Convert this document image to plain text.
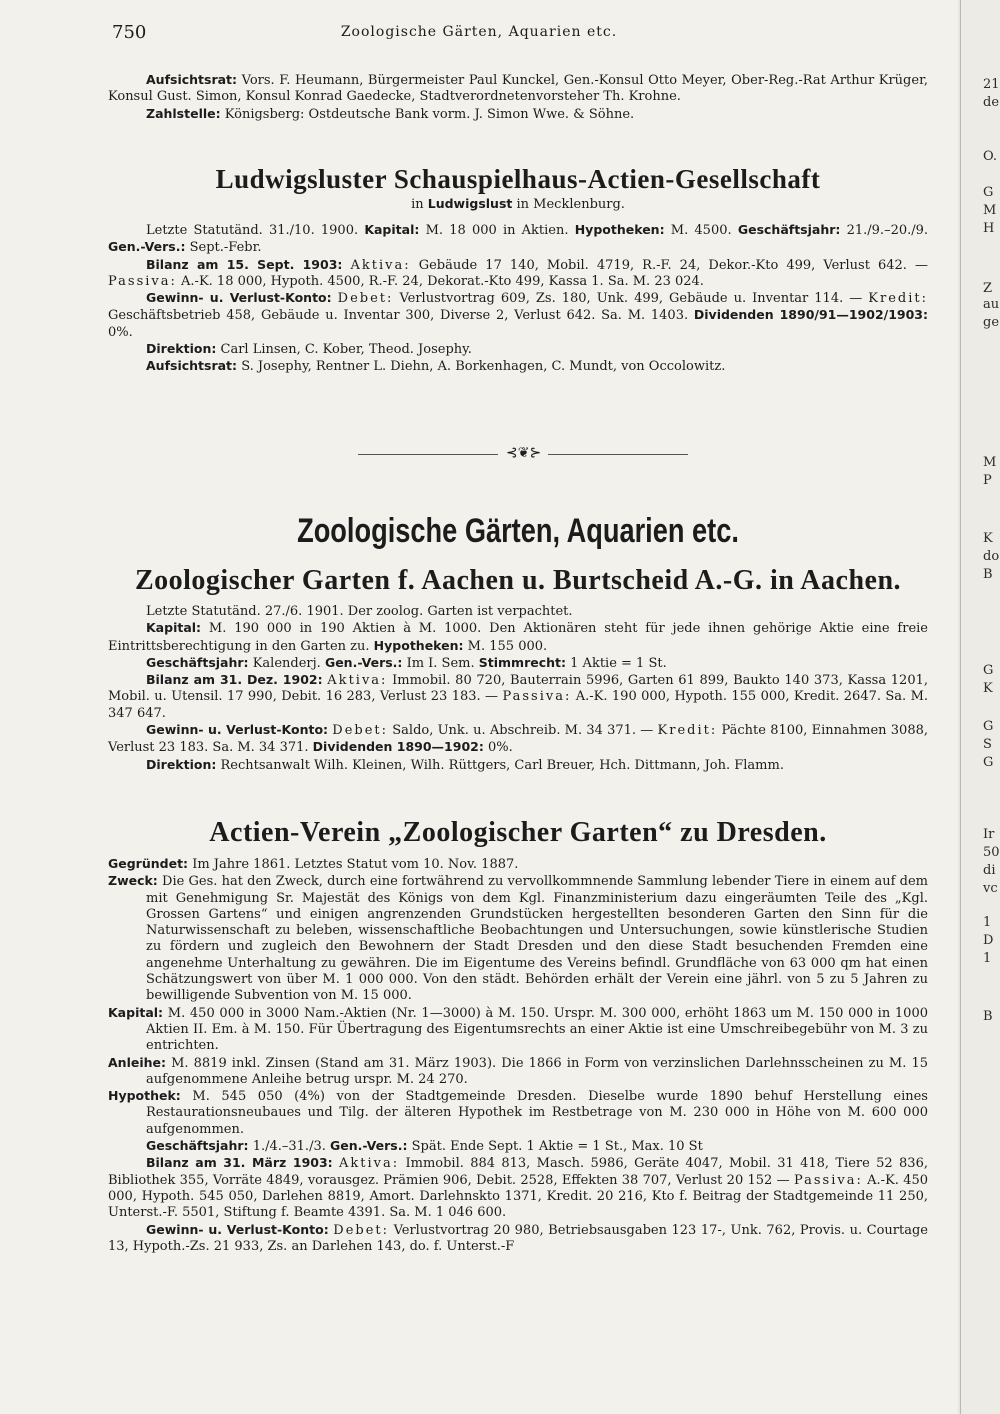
750	Zoologische Gärten, Aquarien etc.

Aufsichtsrat: Vors. F. Heumann, Bürgermeister Paul Kunckel, Gen.-Konsul Otto Meyer, Ober-Reg.-Rat Arthur Krüger, Konsul Gust. Simon, Konsul Konrad Gaedecke, Stadtverordnetenvorsteher Th. Krohne.

Zahlstelle: Königsberg: Ostdeutsche Bank vorm. J. Simon Wwe. & Söhne.

Ludwigsluster Schauspielhaus-Actien-Gesellschaft
in Ludwigslust in Mecklenburg.

Letzte Statutänd. 31./10. 1900. Kapital: M. 18 000 in Aktien. Hypotheken: M. 4500. Geschäftsjahr: 21./9.–20./9. Gen.-Vers.: Sept.-Febr.

Bilanz am 15. Sept. 1903: Aktiva: Gebäude 17 140, Mobil. 4719, R.-F. 24, Dekor.-Kto 499, Verlust 642. — Passiva: A.-K. 18 000, Hypoth. 4500, R.-F. 24, Dekorat.-Kto 499, Kassa 1. Sa. M. 23 024.

Gewinn- u. Verlust-Konto: Debet: Verlustvortrag 609, Zs. 180, Unk. 499, Gebäude u. Inventar 114. — Kredit: Geschäftsbetrieb 458, Gebäude u. Inventar 300, Diverse 2, Verlust 642. Sa. M. 1403. Dividenden 1890/91—1902/1903: 0%.

Direktion: Carl Linsen, C. Kober, Theod. Josephy.

Aufsichtsrat: S. Josephy, Rentner L. Diehn, A. Borkenhagen, C. Mundt, von Occolowitz.

⊰❦⊱
Zoologische Gärten, Aquarien etc.
Zoologischer Garten f. Aachen u. Burtscheid A.-G. in Aachen.

Letzte Statutänd. 27./6. 1901. Der zoolog. Garten ist verpachtet.

Kapital: M. 190 000 in 190 Aktien à M. 1000. Den Aktionären steht für jede ihnen gehörige Aktie eine freie Eintrittsberechtigung in den Garten zu. Hypotheken: M. 155 000.

Geschäftsjahr: Kalenderj. Gen.-Vers.: Im I. Sem. Stimmrecht: 1 Aktie = 1 St.

Bilanz am 31. Dez. 1902: Aktiva: Immobil. 80 720, Bauterrain 5996, Garten 61 899, Baukto 140 373, Kassa 1201, Mobil. u. Utensil. 17 990, Debit. 16 283, Verlust 23 183. — Passiva: A.-K. 190 000, Hypoth. 155 000, Kredit. 2647. Sa. M. 347 647.

Gewinn- u. Verlust-Konto: Debet: Saldo, Unk. u. Abschreib. M. 34 371. — Kredit: Pächte 8100, Einnahmen 3088, Verlust 23 183. Sa. M. 34 371. Dividenden 1890—1902: 0%.

Direktion: Rechtsanwalt Wilh. Kleinen, Wilh. Rüttgers, Carl Breuer, Hch. Dittmann, Joh. Flamm.

Actien-Verein „Zoologischer Garten“ zu Dresden.

Gegründet: Im Jahre 1861. Letztes Statut vom 10. Nov. 1887.

Zweck: Die Ges. hat den Zweck, durch eine fortwährend zu vervollkommnende Sammlung lebender Tiere in einem auf dem mit Genehmigung Sr. Majestät des Königs von dem Kgl. Finanzministerium dazu eingeräumten Teile des „Kgl. Grossen Gartens“ und einigen angrenzenden Grundstücken hergestellten besonderen Garten den Sinn für die Naturwissenschaft zu beleben, wissenschaftliche Beobachtungen und Untersuchungen, sowie künstlerische Studien zu fördern und zugleich den Bewohnern der Stadt Dresden und den diese Stadt besuchenden Fremden eine angenehme Unterhaltung zu gewähren. Die im Eigentume des Vereins befindl. Grundfläche von 63 000 qm hat einen Schätzungswert von über M. 1 000 000. Von den städt. Behörden erhält der Verein eine jährl. von 5 zu 5 Jahren zu bewilligende Subvention von M. 15 000.

Kapital: M. 450 000 in 3000 Nam.-Aktien (Nr. 1—3000) à M. 150. Urspr. M. 300 000, erhöht 1863 um M. 150 000 in 1000 Aktien II. Em. à M. 150. Für Übertragung des Eigentumsrechts an einer Aktie ist eine Umschreibegebühr von M. 3 zu entrichten.

Anleihe: M. 8819 inkl. Zinsen (Stand am 31. März 1903). Die 1866 in Form von verzinslichen Darlehnsscheinen zu M. 15 aufgenommene Anleihe betrug urspr. M. 24 270.

Hypothek: M. 545 050 (4%) von der Stadtgemeinde Dresden. Dieselbe wurde 1890 behuf Herstellung eines Restaurationsneubaues und Tilg. der älteren Hypothek im Restbetrage von M. 230 000 in Höhe von M. 600 000 aufgenommen.

Geschäftsjahr: 1./4.–31./3. Gen.-Vers.: Spät. Ende Sept. 1 Aktie = 1 St., Max. 10 St

Bilanz am 31. März 1903: Aktiva: Immobil. 884 813, Masch. 5986, Geräte 4047, Mobil. 31 418, Tiere 52 836, Bibliothek 355, Vorräte 4849, vorausgez. Prämien 906, Debit. 2528, Effekten 38 707, Verlust 20 152 — Passiva: A.-K. 450 000, Hypoth. 545 050, Darlehen 8819, Amort. Darlehnskto 1371, Kredit. 20 216, Kto f. Beitrag der Stadtgemeinde 11 250, Unterst.-F. 5501, Stiftung f. Beamte 4391. Sa. M. 1 046 600.

Gewinn- u. Verlust-Konto: Debet: Verlustvortrag 20 980, Betriebsausgaben 123 17-, Unk. 762, Provis. u. Courtage 13, Hypoth.-Zs. 21 933, Zs. an Darlehen 143, do. f. Unterst.-F

21
de
O.
G
M
H
Z
au
ge
M
P
K
do
B
G
K
G
S
G
Ir
50
di
vc
1
D
1
B
